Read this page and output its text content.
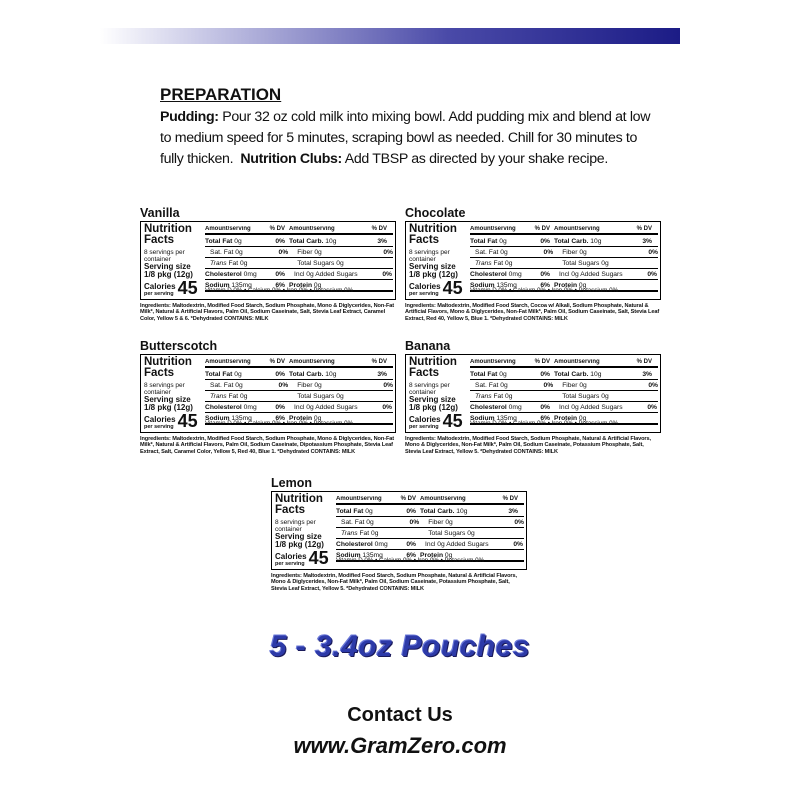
PREPARATION
Pudding: Pour 32 oz cold milk into mixing bowl. Add pudding mix and blend at low to medium speed for 5 minutes, scraping bowl as needed. Chill for 30 minutes to fully thicken. Nutrition Clubs: Add TBSP as directed by your shake recipe.
Vanilla
Nutrition
Facts
8 servings per container
Serving size
1/8 pkg (12g)
Calories
per serving 45
Amount/serving	% DV Amount/serving	% DV
Total Fat 0g	0% Total Carb. 10g	3%
Sat. Fat 0g	0%	Fiber 0g	0%
Trans Fat 0g	Total Sugars 0g
Cholesterol 0mg	0%	Incl 0g Added Sugars	0%
Sodium 135mg	6% Protein 0g
Vitamin D 0% • Calcium 0% • Iron 0% • Potassium 0%
Ingredients: Maltodextrin, Modified Food Starch, Sodium Phosphate, Mono & Diglycerides, Non-Fat Milk*, Natural & Artificial Flavors, Palm Oil, Sodium Caseinate, Salt, Stevia Leaf Extract, Caramel Color, Yellow 5 & 6. *Dehydrated CONTAINS: MILK
Chocolate
Nutrition
Facts
8 servings per container
Serving size
1/8 pkg (12g)
Calories
per serving 45
Amount/serving	% DV Amount/serving	% DV
Total Fat 0g	0% Total Carb. 10g	3%
Sat. Fat 0g	0%	Fiber 0g	0%
Trans Fat 0g	Total Sugars 0g
Cholesterol 0mg	0%	Incl 0g Added Sugars	0%
Sodium 135mg	6% Protein 0g
Vitamin D 0% • Calcium 0% • Iron 0% • Potassium 0%
Ingredients: Maltodextrin, Modified Food Starch, Cocoa w/ Alkali, Sodium Phosphate, Natural & Artificial Flavors, Mono & Diglycerides, Non-Fat Milk*, Palm Oil, Sodium Caseinate, Salt, Stevia Leaf Extract, Red 40, Yellow 5, Blue 1. *Dehydrated CONTAINS: MILK
Butterscotch
Nutrition
Facts
8 servings per container
Serving size
1/8 pkg (12g)
Calories
per serving 45
Amount/serving	% DV Amount/serving	% DV
Total Fat 0g	0% Total Carb. 10g	3%
Sat. Fat 0g	0%	Fiber 0g	0%
Trans Fat 0g	Total Sugars 0g
Cholesterol 0mg	0%	Incl 0g Added Sugars	0%
Sodium 135mg	6% Protein 0g
Vitamin D 0% • Calcium 0% • Iron 0% • Potassium 0%
Ingredients: Maltodextrin, Modified Food Starch, Sodium Phosphate, Mono & Diglycerides, Non-Fat Milk*, Natural & Artificial Flavors, Palm Oil, Sodium Caseinate, Dipotassium Phosphate, Stevia Leaf Extract, Salt, Caramel Color, Yellow 5, Red 40, Blue 1. *Dehydrated CONTAINS: MILK
Banana
Nutrition
Facts
8 servings per container
Serving size
1/8 pkg (12g)
Calories
per serving 45
Amount/serving	% DV Amount/serving	% DV
Total Fat 0g	0% Total Carb. 10g	3%
Sat. Fat 0g	0%	Fiber 0g	0%
Trans Fat 0g	Total Sugars 0g
Cholesterol 0mg	0%	Incl 0g Added Sugars	0%
Sodium 135mg	6% Protein 0g
Vitamin D 0% • Calcium 0% • Iron 0% • Potassium 0%
Ingredients: Maltodextrin, Modified Food Starch, Sodium Phosphate, Natural & Artificial Flavors, Mono & Diglycerides, Non-Fat Milk*, Palm Oil, Sodium Caseinate, Potassium Phosphate, Salt, Stevia Leaf Extract, Yellow 5. *Dehydrated CONTAINS: MILK
Lemon
Nutrition
Facts
8 servings per container
Serving size
1/8 pkg (12g)
Calories
per serving 45
Amount/serving	% DV Amount/serving	% DV
Total Fat 0g	0% Total Carb. 10g	3%
Sat. Fat 0g	0%	Fiber 0g	0%
Trans Fat 0g	Total Sugars 0g
Cholesterol 0mg	0%	Incl 0g Added Sugars	0%
Sodium 135mg	6% Protein 0g
Vitamin D 0% • Calcium 0% • Iron 0% • Potassium 0%
Ingredients: Maltodextrin, Modified Food Starch, Sodium Phosphate, Natural & Artificial Flavors, Mono & Diglycerides, Non-Fat Milk*, Palm Oil, Sodium Caseinate, Potassium Phosphate, Salt, Stevia Leaf Extract, Yellow 5. *Dehydrated CONTAINS: MILK
5 - 3.4oz Pouches
Contact Us
www.GramZero.com
